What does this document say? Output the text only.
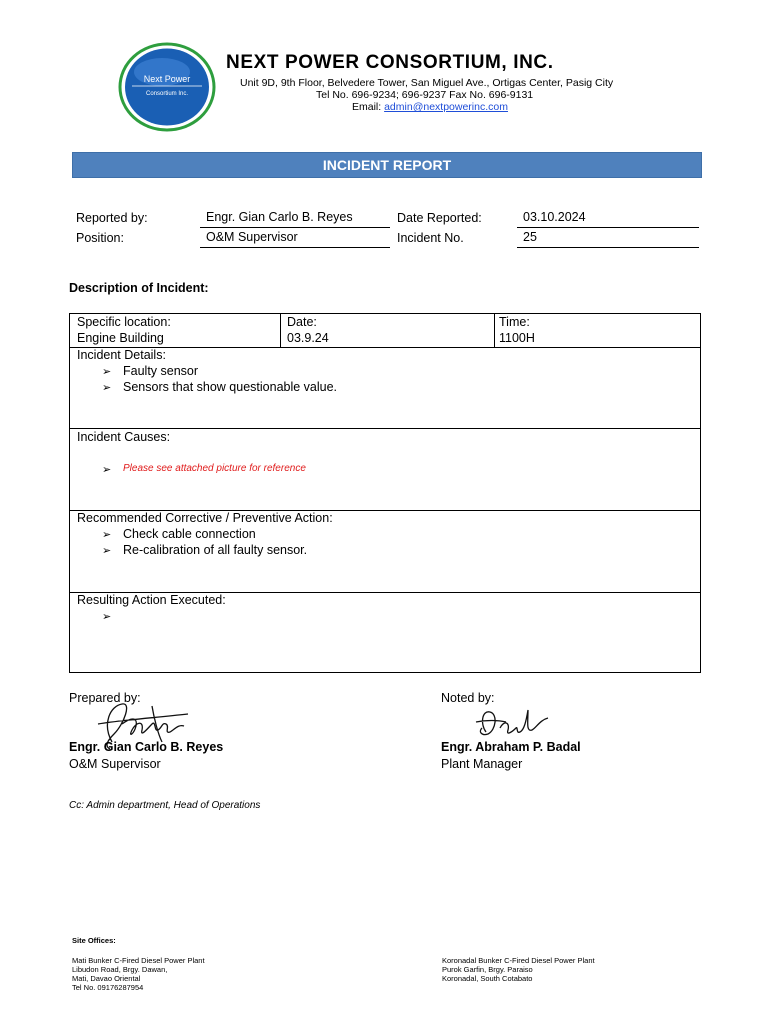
Next Power
Consortium Inc.
NEXT POWER CONSORTIUM, INC.
Unit 9D, 9th Floor, Belvedere Tower, San Miguel Ave., Ortigas Center, Pasig City
Tel No. 696-9234; 696-9237 Fax No. 696-9131
Email: admin@nextpowerinc.com
INCIDENT REPORT
Reported by:	Engr. Gian Carlo B. Reyes
Position:	O&M Supervisor
Date Reported:	03.10.2024
Incident No.	25
Description of Incident:
Specific location:
Engine Building
Date:
03.9.24
Time:
1100H
Incident Details:
➢ Faulty sensor
➢ Sensors that show questionable value.
Incident Causes:
➢ Please see attached picture for reference
Recommended Corrective / Preventive Action:
➢ Check cable connection
➢ Re-calibration of all faulty sensor.
Resulting Action Executed:
➢
Prepared by:
Engr. Gian Carlo B. Reyes
O&M Supervisor
Noted by:
Engr. Abraham P. Badal
Plant Manager
Cc: Admin department, Head of Operations
Site Offices:
Mati Bunker C-Fired Diesel Power Plant
Libudon Road, Brgy. Dawan,
Mati, Davao Oriental
Tel No. 09176287954
Koronadal Bunker C-Fired Diesel Power Plant
Purok Garfin, Brgy. Paraiso
Koronadal, South Cotabato
